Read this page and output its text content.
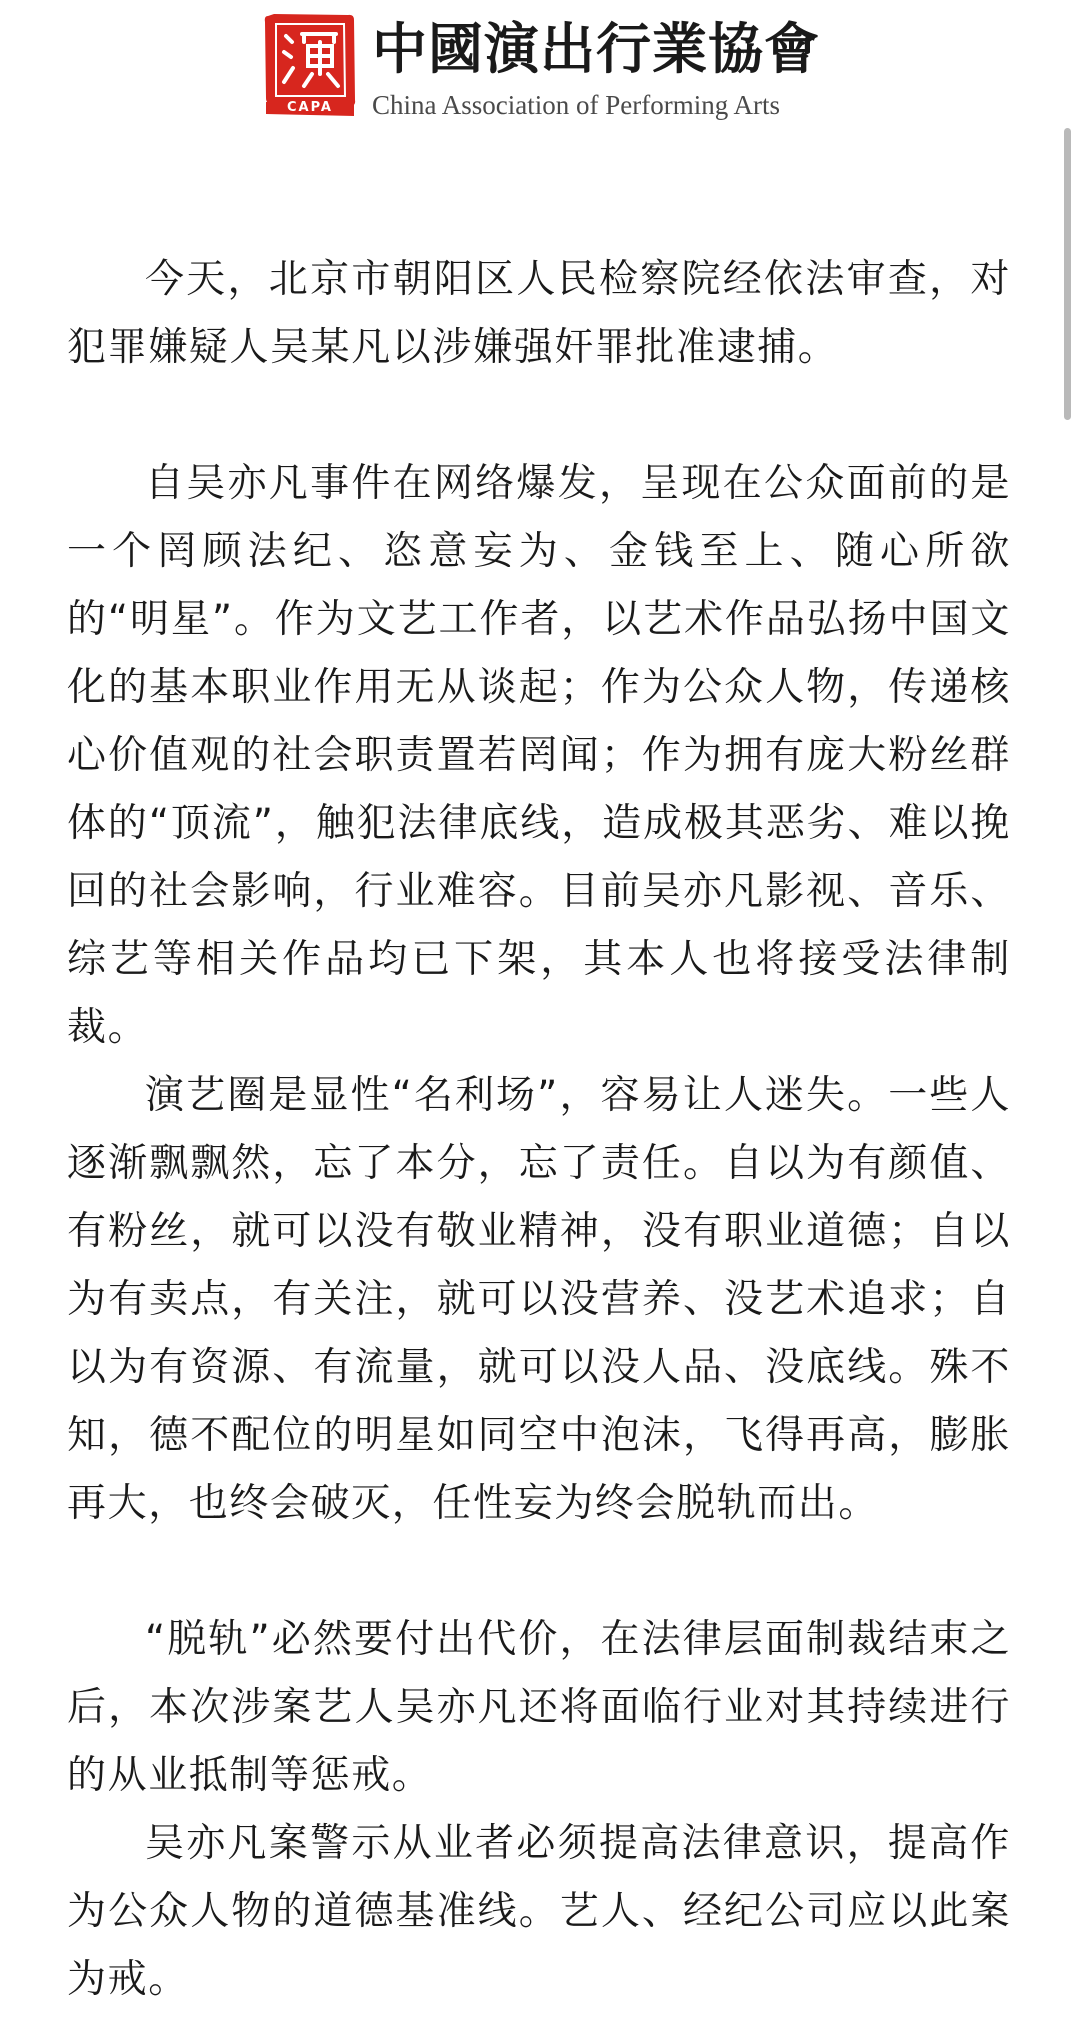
CAPA
中國演出行業協會
China Association of Performing Arts

今天，北京市朝阳区人民检察院经依法审查，对犯罪嫌疑人吴某凡以涉嫌强奸罪批准逮捕。

自吴亦凡事件在网络爆发，呈现在公众面前的是一个罔顾法纪、恣意妄为、金钱至上、随心所欲的“明星”。作为文艺工作者，以艺术作品弘扬中国文化的基本职业作用无从谈起；作为公众人物，传递核心价值观的社会职责置若罔闻；作为拥有庞大粉丝群体的“顶流”，触犯法律底线，造成极其恶劣、难以挽回的社会影响，行业难容。目前吴亦凡影视、音乐、综艺等相关作品均已下架，其本人也将接受法律制裁。

演艺圈是显性“名利场”，容易让人迷失。一些人逐渐飘飘然，忘了本分，忘了责任。自以为有颜值、有粉丝，就可以没有敬业精神，没有职业道德；自以为有卖点，有关注，就可以没营养、没艺术追求；自以为有资源、有流量，就可以没人品、没底线。殊不知，德不配位的明星如同空中泡沫，飞得再高，膨胀再大，也终会破灭，任性妄为终会脱轨而出。

“脱轨”必然要付出代价，在法律层面制裁结束之后，本次涉案艺人吴亦凡还将面临行业对其持续进行的从业抵制等惩戒。

吴亦凡案警示从业者必须提高法律意识，提高作为公众人物的道德基准线。艺人、经纪公司应以此案为戒。
